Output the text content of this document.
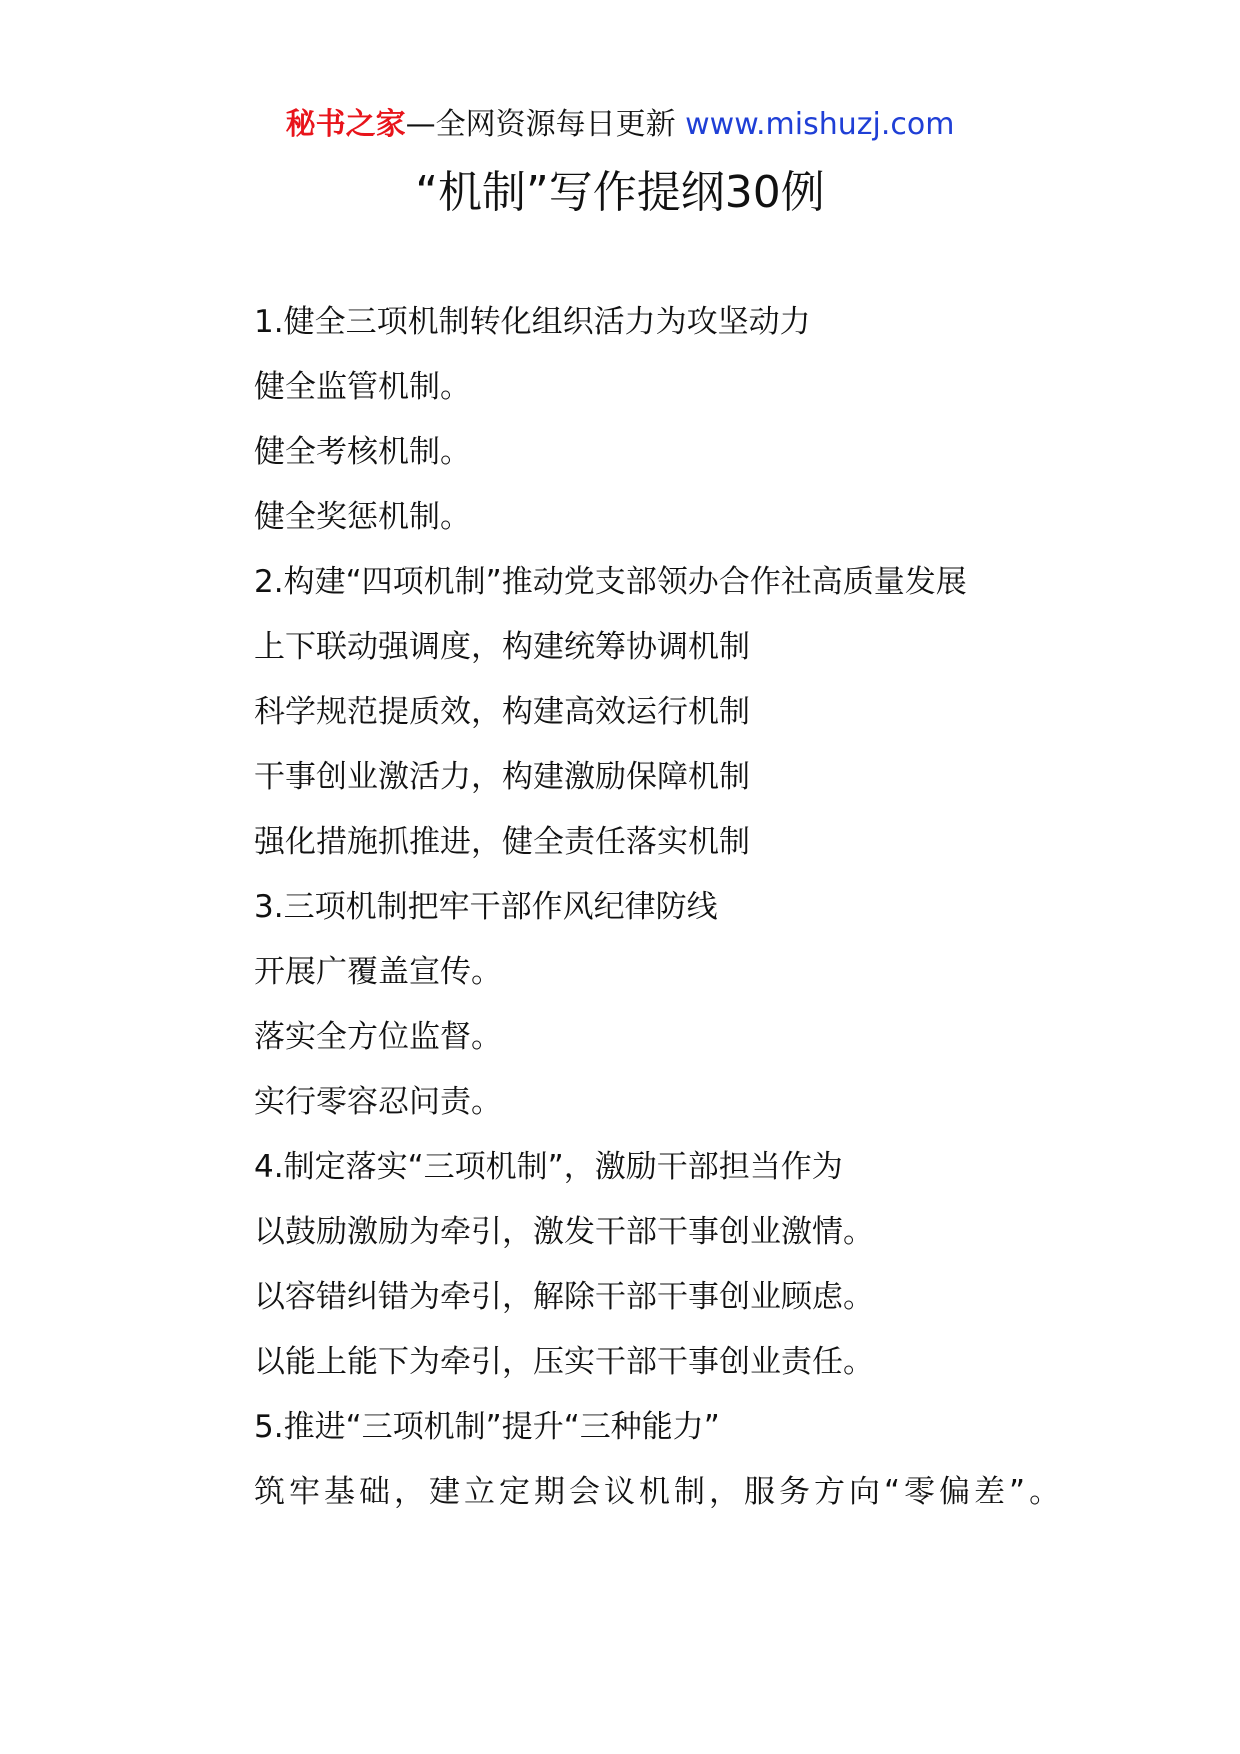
秘书之家—全网资源每日更新 www.mishuzj.com
“机制”写作提纲30例

1.健全三项机制转化组织活力为攻坚动力

健全监管机制。

健全考核机制。

健全奖惩机制。

2.构建“四项机制”推动党支部领办合作社高质量发展

上下联动强调度，构建统筹协调机制

科学规范提质效，构建高效运行机制

干事创业激活力，构建激励保障机制

强化措施抓推进，健全责任落实机制

3.三项机制把牢干部作风纪律防线

开展广覆盖宣传。

落实全方位监督。

实行零容忍问责。

4.制定落实“三项机制”，激励干部担当作为

以鼓励激励为牵引，激发干部干事创业激情。

以容错纠错为牵引，解除干部干事创业顾虑。

以能上能下为牵引，压实干部干事创业责任。

5.推进“三项机制”提升“三种能力”

筑牢基础，建立定期会议机制，服务方向“零偏差”。
